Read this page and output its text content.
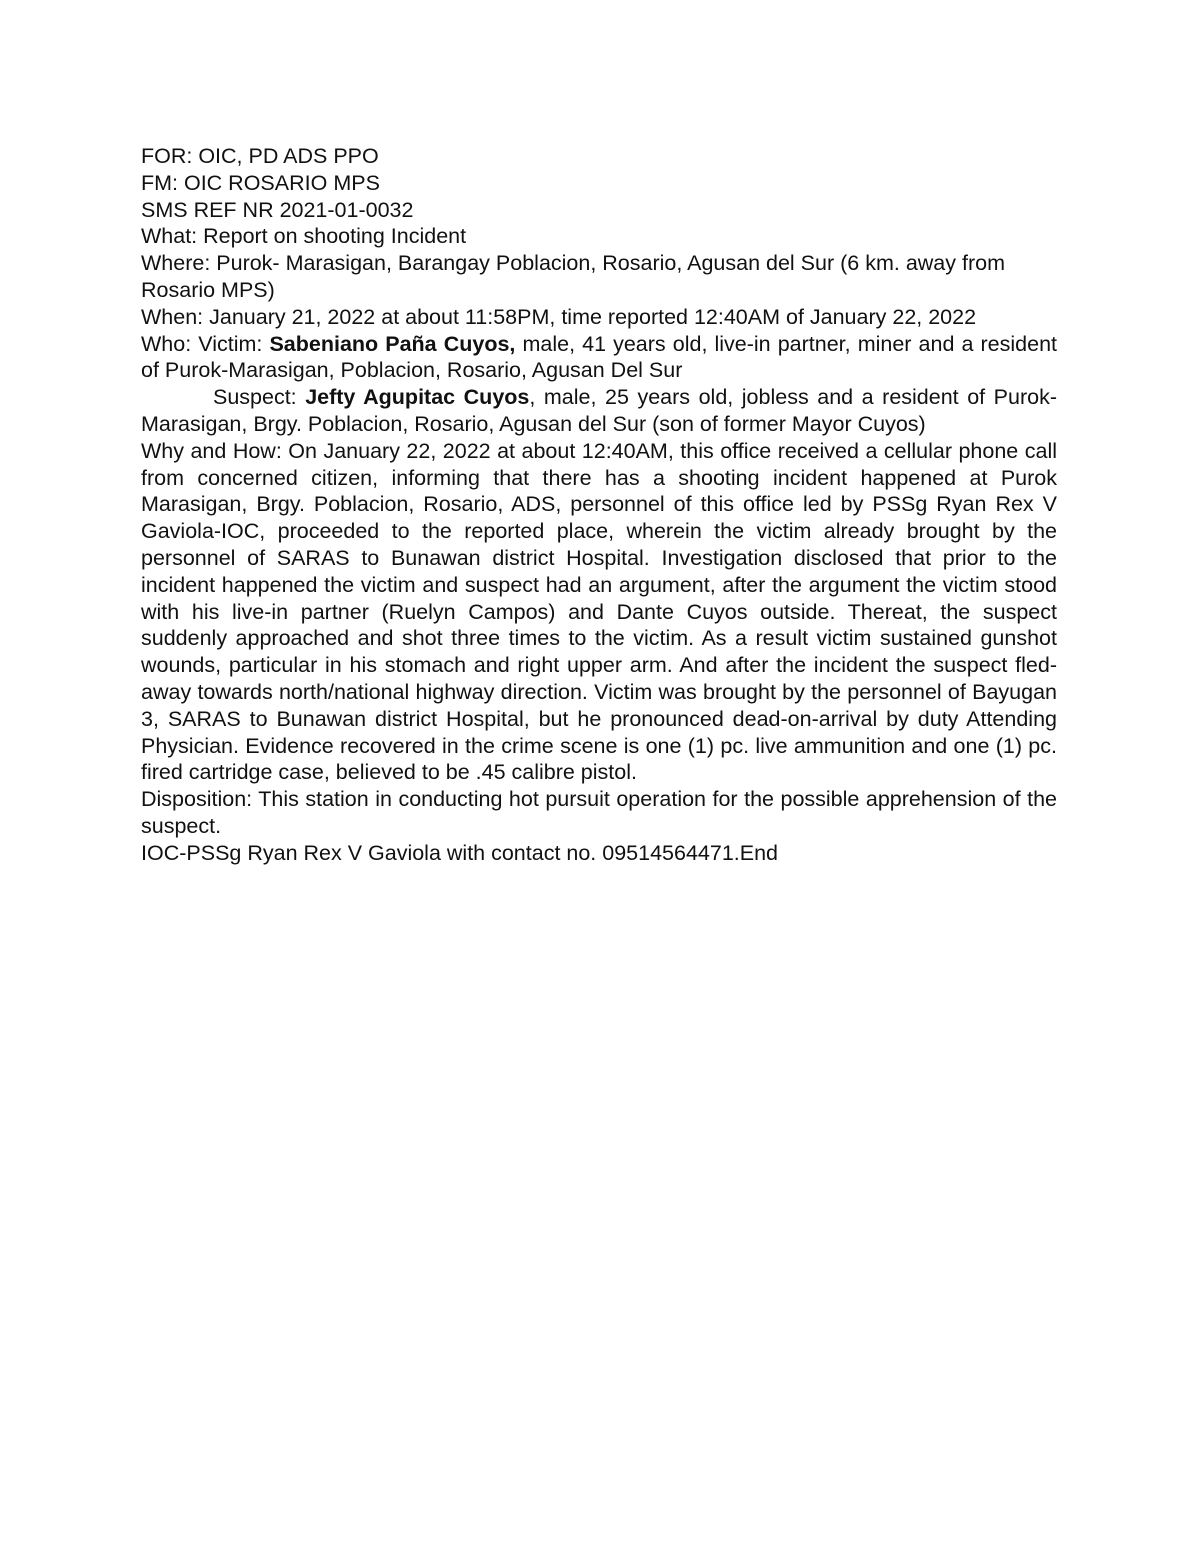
FOR: OIC, PD ADS PPO

FM: OIC ROSARIO MPS

SMS REF NR 2021-01-0032

What: Report on shooting Incident

Where: Purok- Marasigan, Barangay Poblacion, Rosario, Agusan del Sur (6 km. away from Rosario MPS)

When: January 21, 2022 at about 11:58PM, time reported 12:40AM of January 22, 2022

Who: Victim: Sabeniano Paña Cuyos, male, 41 years old, live-in partner, miner and a resident of Purok-Marasigan, Poblacion, Rosario, Agusan Del Sur

Suspect: Jefty Agupitac Cuyos, male, 25 years old, jobless and a resident of Purok-Marasigan, Brgy. Poblacion, Rosario, Agusan del Sur (son of former Mayor Cuyos)

Why and How: On January 22, 2022 at about 12:40AM, this office received a cellular phone call from concerned citizen, informing that there has a shooting incident happened at Purok Marasigan, Brgy. Poblacion, Rosario, ADS, personnel of this office led by PSSg Ryan Rex V Gaviola-IOC, proceeded to the reported place, wherein the victim already brought by the personnel of SARAS to Bunawan district Hospital. Investigation disclosed that prior to the incident happened the victim and suspect had an argument, after the argument the victim stood with his live-in partner (Ruelyn Campos) and Dante Cuyos outside. Thereat, the suspect suddenly approached and shot three times to the victim. As a result victim sustained gunshot wounds, particular in his stomach and right upper arm. And after the incident the suspect fled-away towards north/national highway direction. Victim was brought by the personnel of Bayugan 3, SARAS to Bunawan district Hospital, but he pronounced dead-on-arrival by duty Attending Physician. Evidence recovered in the crime scene is one (1) pc. live ammunition and one (1) pc. fired cartridge case, believed to be .45 calibre pistol.

Disposition: This station in conducting hot pursuit operation for the possible apprehension of the suspect.

IOC-PSSg Ryan Rex V Gaviola with contact no. 09514564471.End
